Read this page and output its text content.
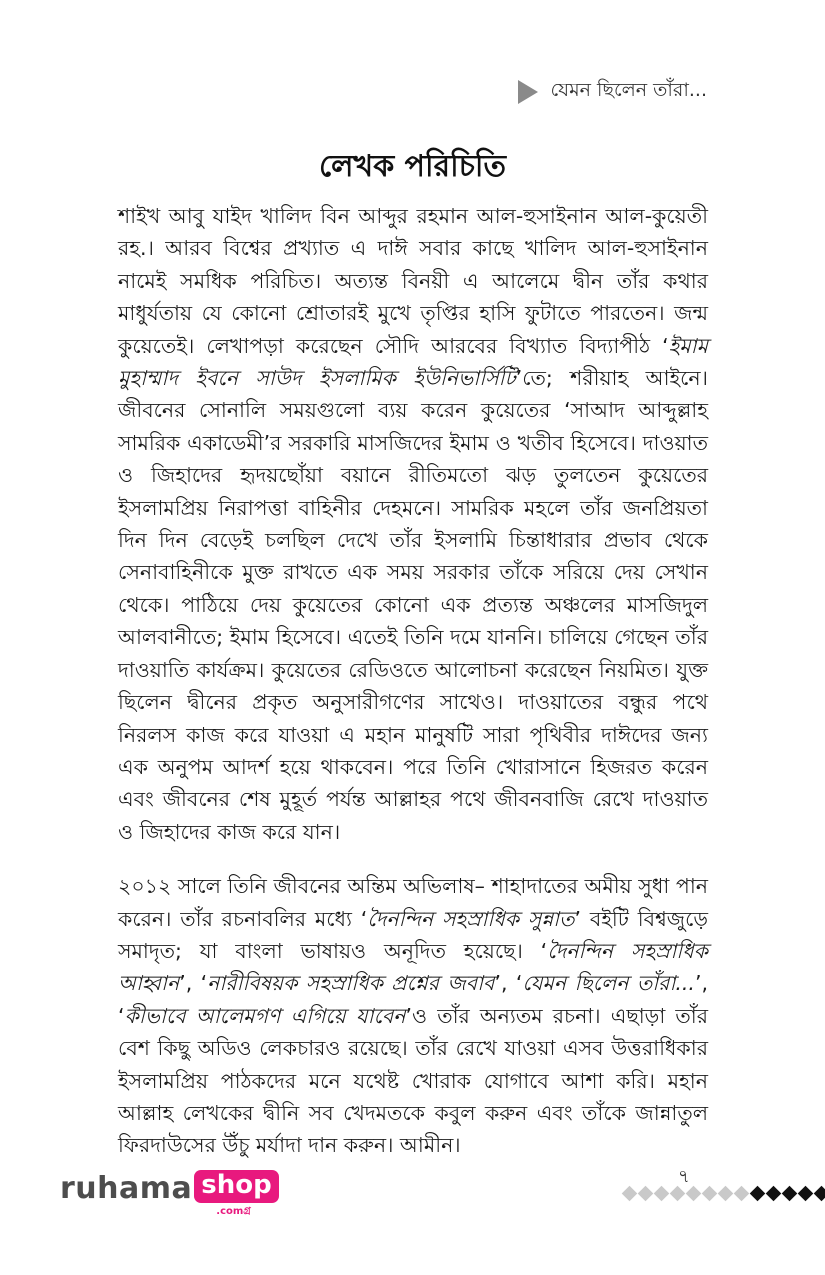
যেমন ছিলেন তাঁরা...
লেখক পরিচিতি

শাইখ আবু যাইদ খালিদ বিন আব্দুর রহমান আল-হুসাইনান আল-কুয়েতী রহ.। আরব বিশ্বের প্রখ্যাত এ দাঈ সবার কাছে খালিদ আল-হুসাইনান নামেই সমধিক পরিচিত। অত্যন্ত বিনয়ী এ আলেমে দ্বীন তাঁর কথার মাধুর্যতায় যে কোনো শ্রোতারই মুখে তৃপ্তির হাসি ফুটাতে পারতেন। জন্ম কুয়েতেই। লেখাপড়া করেছেন সৌদি আরবের বিখ্যাত বিদ্যাপীঠ ‘ইমাম মুহাম্মাদ ইবনে সাউদ ইসলামিক ইউনিভার্সিটি’তে; শরীয়াহ আইনে। জীবনের সোনালি সময়গুলো ব্যয় করেন কুয়েতের ‘সাআদ আব্দুল্লাহ সামরিক একাডেমী’র সরকারি মাসজিদের ইমাম ও খতীব হিসেবে। দাওয়াত ও জিহাদের হৃদয়ছোঁয়া বয়ানে রীতিমতো ঝড় তুলতেন কুয়েতের ইসলামপ্রিয় নিরাপত্তা বাহিনীর দেহমনে। সামরিক মহলে তাঁর জনপ্রিয়তা দিন দিন বেড়েই চলছিল দেখে তাঁর ইসলামি চিন্তাধারার প্রভাব থেকে সেনাবাহিনীকে মুক্ত রাখতে এক সময় সরকার তাঁকে সরিয়ে দেয় সেখান থেকে। পাঠিয়ে দেয় কুয়েতের কোনো এক প্রত্যন্ত অঞ্চলের মাসজিদুল আলবানীতে; ইমাম হিসেবে। এতেই তিনি দমে যাননি। চালিয়ে গেছেন তাঁর দাওয়াতি কার্যক্রম। কুয়েতের রেডিওতে আলোচনা করেছেন নিয়মিত। যুক্ত ছিলেন দ্বীনের প্রকৃত অনুসারীগণের সাথেও। দাওয়াতের বন্ধুর পথে নিরলস কাজ করে যাওয়া এ মহান মানুষটি সারা পৃথিবীর দাঈদের জন্য এক অনুপম আদর্শ হয়ে থাকবেন। পরে তিনি খোরাসানে হিজরত করেন এবং জীবনের শেষ মুহূর্ত পর্যন্ত আল্লাহর পথে জীবনবাজি রেখে দাওয়াত ও জিহাদের কাজ করে যান।

২০১২ সালে তিনি জীবনের অন্তিম অভিলাষ– শাহাদাতের অমীয় সুধা পান করেন। তাঁর রচনাবলির মধ্যে ‘দৈনন্দিন সহস্রাধিক সুন্নাত’ বইটি বিশ্বজুড়ে সমাদৃত; যা বাংলা ভাষায়ও অনূদিত হয়েছে। ‘দৈনন্দিন সহস্রাধিক আহ্বান’, ‘নারীবিষয়ক সহস্রাধিক প্রশ্নের জবাব’, ‘যেমন ছিলেন তাঁরা...’, ‘কীভাবে আলেমগণ এগিয়ে যাবেন’ও তাঁর অন্যতম রচনা। এছাড়া তাঁর বেশ কিছু অডিও লেকচারও রয়েছে। তাঁর রেখে যাওয়া এসব উত্তরাধিকার ইসলামপ্রিয় পাঠকদের মনে যথেষ্ট খোরাক যোগাবে আশা করি। মহান আল্লাহ লেখকের দ্বীনি সব খেদমতকে কবুল করুন এবং তাঁকে জান্নাতুল ফিরদাউসের উঁচু মর্যাদা দান করুন। আমীন।

৭
ruhama shop
.comগ্র
